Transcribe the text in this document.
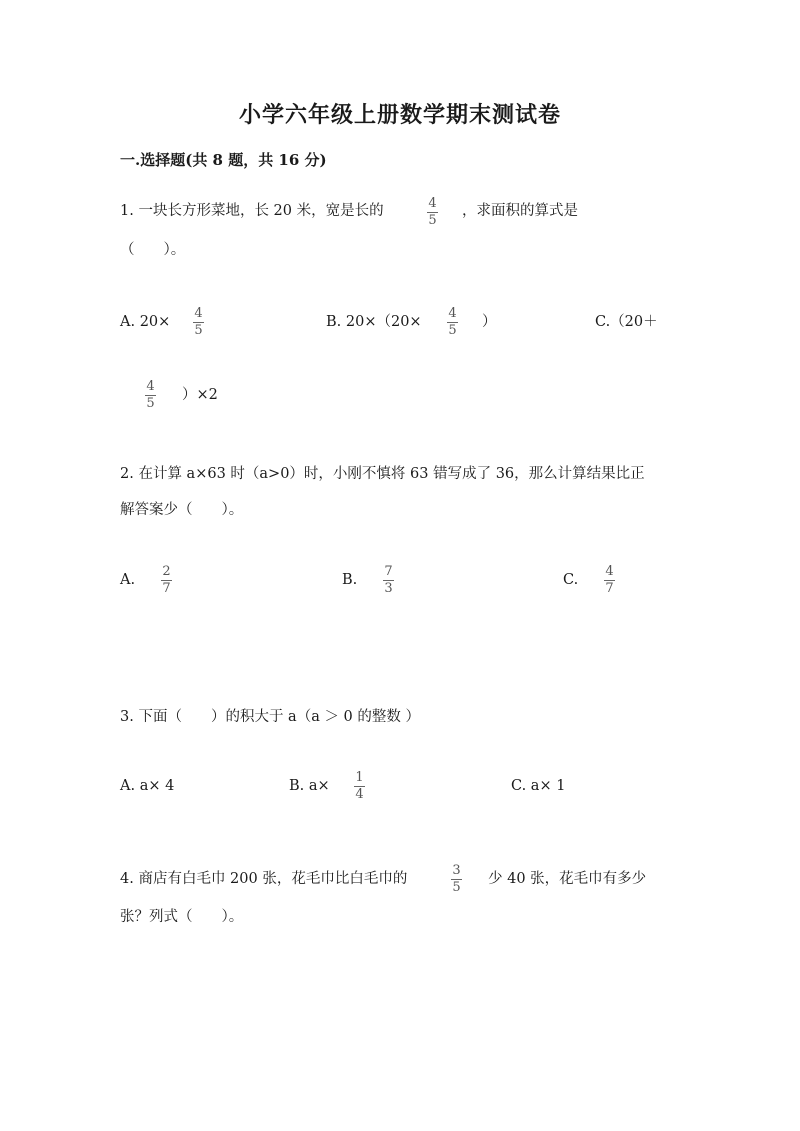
小学六年级上册数学期末测试卷
一.选择题(共 8 题，共 16 分)
1. 一块长方形菜地，长 20 米，宽是长的	4
5
，求面积的算式是
（　　）。
A. 20×
4
5
B. 20×（20×
4
5
）	C.（20＋
4
5
）×2
2. 在计算 a×63 时（a>0）时，小刚不慎将 63 错写成了 36，那么计算结果比正
解答案少（　　）。
A.
2
7
B.
7
3
C.
4
7
3. 下面（　　）的积大于 a（a ＞ 0 的整数 ）
A. a× 4	B. a×
1
4
C. a× 1
4. 商店有白毛巾 200 张，花毛巾比白毛巾的
3
5
少 40 张，花毛巾有多少
张？列式（　　）。
